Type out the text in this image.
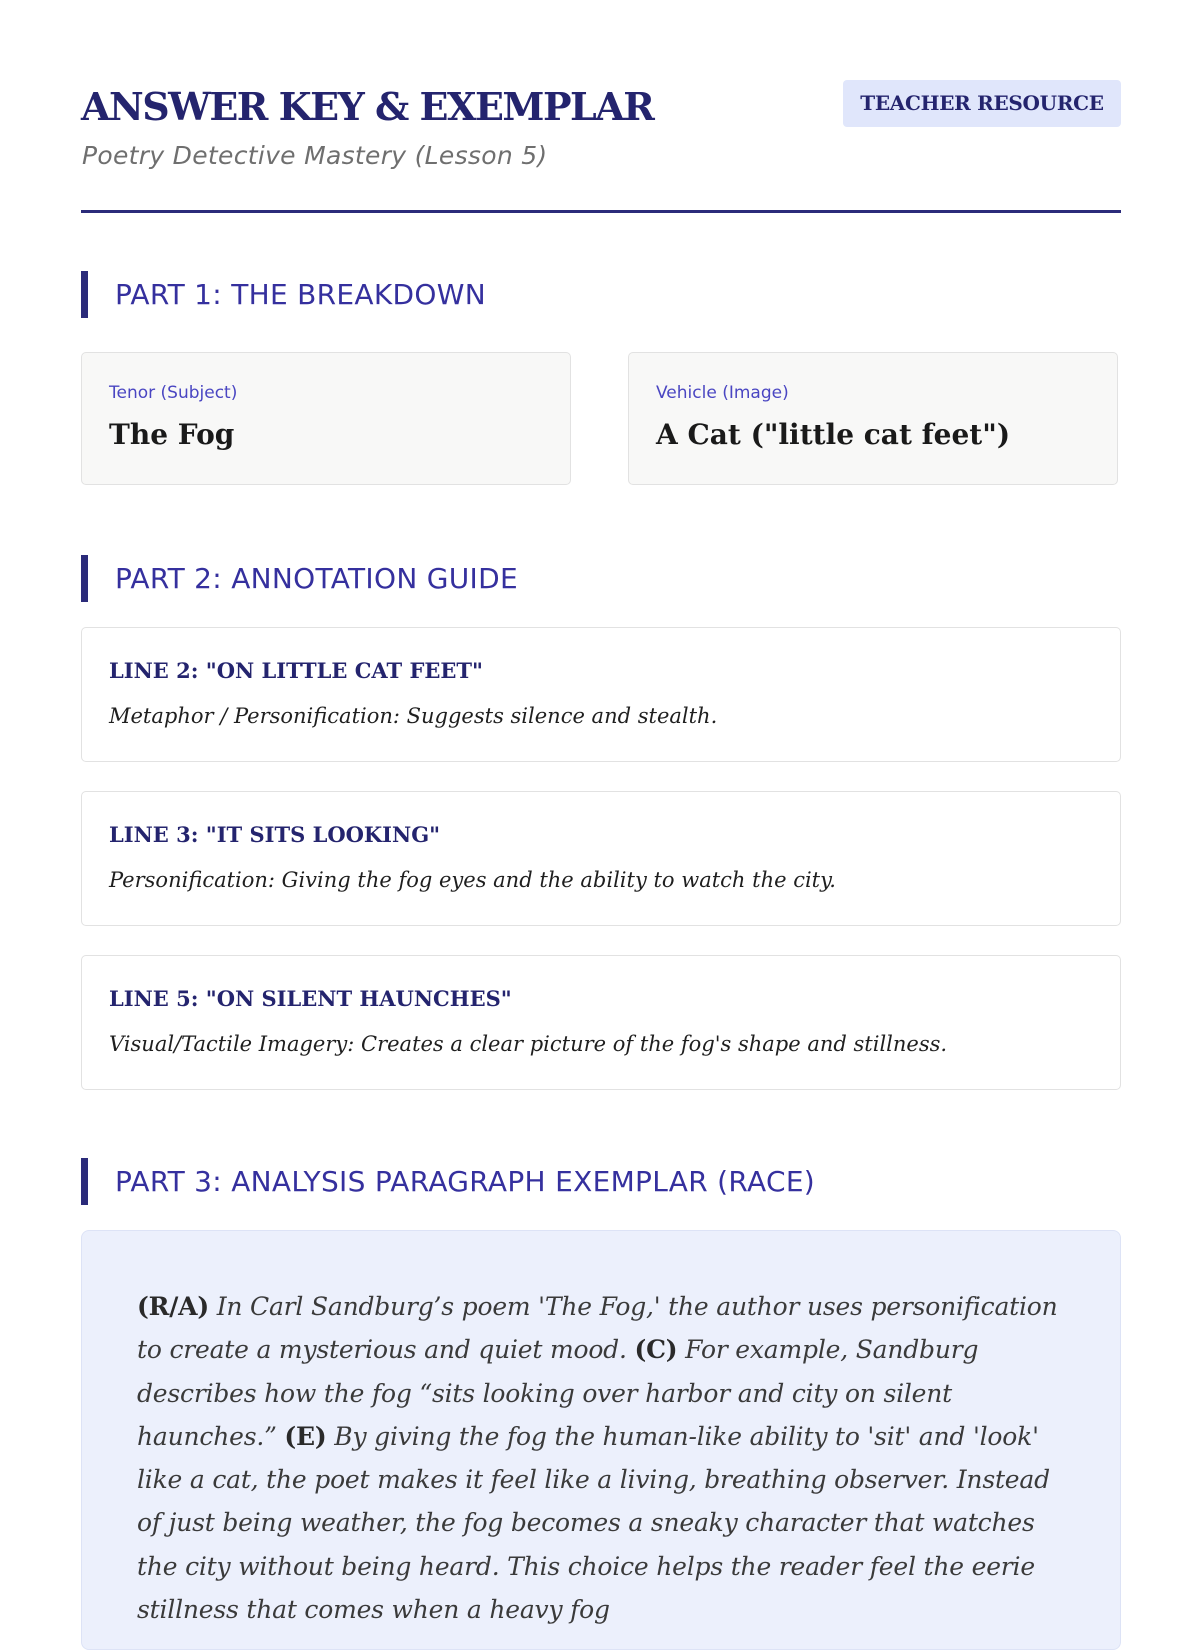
ANSWER KEY & EXEMPLAR

Poetry Detective Mastery (Lesson 5)

TEACHER RESOURCE
PART 1: THE BREAKDOWN
Tenor (Subject)
The Fog
Vehicle (Image)
A Cat ("little cat feet")
PART 2: ANNOTATION GUIDE
LINE 2: "ON LITTLE CAT FEET"
Metaphor / Personification: Suggests silence and stealth.
LINE 3: "IT SITS LOOKING"
Personification: Giving the fog eyes and the ability to watch the city.
LINE 5: "ON SILENT HAUNCHES"
Visual/Tactile Imagery: Creates a clear picture of the fog's shape and stillness.
PART 3: ANALYSIS PARAGRAPH EXEMPLAR (RACE)

(R/A) In Carl Sandburg’s poem 'The Fog,' the author uses personification to create a mysterious and quiet mood. (C) For example, Sandburg describes how the fog “sits looking over harbor and city on silent haunches.” (E) By giving the fog the human-like ability to 'sit' and 'look' like a cat, the poet makes it feel like a living, breathing observer. Instead of just being weather, the fog becomes a sneaky character that watches the city without being heard. This choice helps the reader feel the eerie stillness that comes when a heavy fog
